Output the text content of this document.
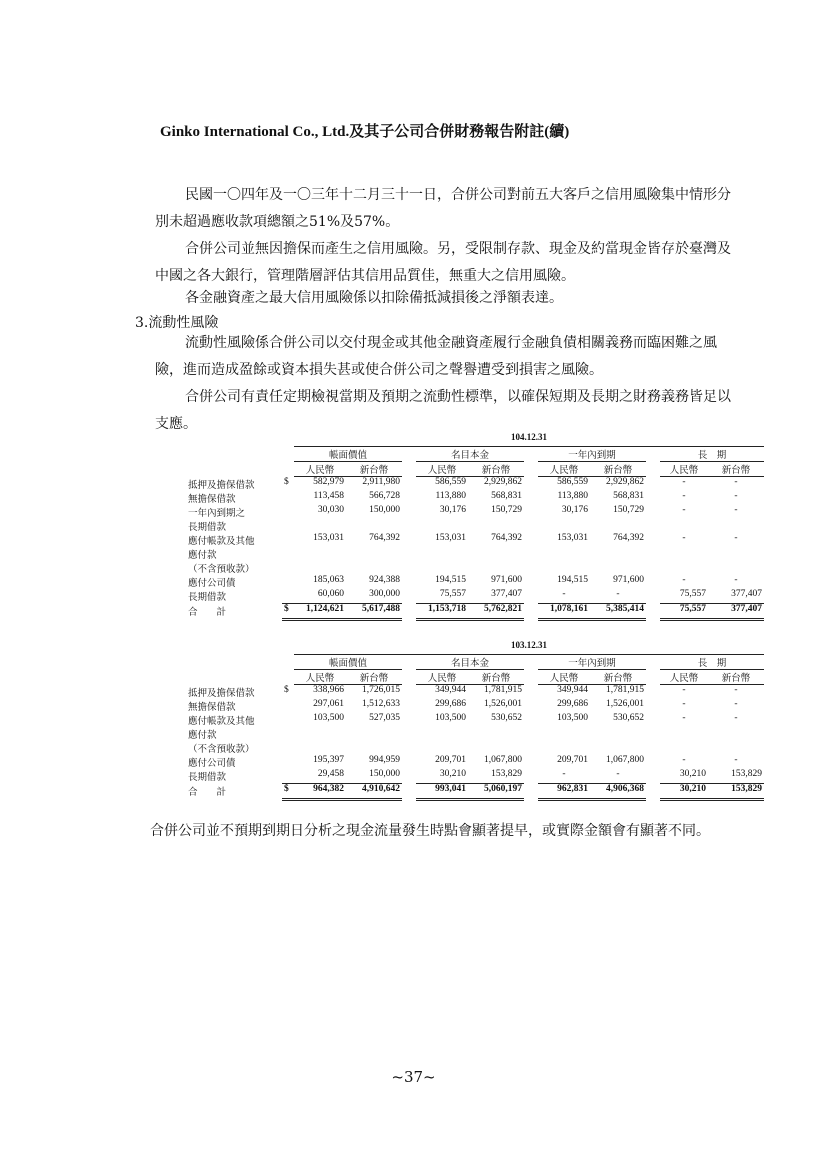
Ginko International Co., Ltd.及其子公司合併財務報告附註(續)
民國一〇四年及一〇三年十二月三十一日，合併公司對前五大客戶之信用風險集中情形分別未超過應收款項總額之51%及57%。
合併公司並無因擔保而產生之信用風險。另，受限制存款、現金及約當現金皆存於臺灣及中國之各大銀行，管理階層評估其信用品質佳，無重大之信用風險。
各金融資產之最大信用風險係以扣除備抵減損後之淨額表達。
3.流動性風險
流動性風險係合併公司以交付現金或其他金融資產履行金融負債相關義務而臨困難之風險，進而造成盈餘或資本損失甚或使合併公司之聲譽遭受到損害之風險。
合併公司有責任定期檢視當期及預期之流動性標準，以確保短期及長期之財務義務皆足以支應。
		104.12.31										
		帳面價值			名目本金			一年內到期			長　期	
		人民幣	新台幣		人民幣	新台幣		人民幣	新台幣		人民幣	新台幣
抵押及擔保借款	$	582,979	2,911,980		586,559	2,929,862		586,559	2,929,862		-	-
無擔保借款		113,458	566,728		113,880	568,831		113,880	568,831		-	-
一年內到期之		30,030	150,000		30,176	150,729		30,176	150,729		-	-
長期借款												
應付帳款及其他		153,031	764,392		153,031	764,392		153,031	764,392		-	-
應付款												
（不含預收款）												
應付公司債		185,063	924,388		194,515	971,600		194,515	971,600		-	-
長期借款		60,060	300,000		75,557	377,407		-	-		75,557	377,407
合　　計	$	1,124,621	5,617,488		1,153,718	5,762,821		1,078,161	5,385,414		75,557	377,407
		103.12.31										
		帳面價值			名目本金			一年內到期			長　期	
		人民幣	新台幣		人民幣	新台幣		人民幣	新台幣		人民幣	新台幣
抵押及擔保借款	$	338,966	1,726,015		349,944	1,781,915		349,944	1,781,915		-	-
無擔保借款		297,061	1,512,633		299,686	1,526,001		299,686	1,526,001		-	-
應付帳款及其他		103,500	527,035		103,500	530,652		103,500	530,652		-	-
應付款												
（不含預收款）												
應付公司債		195,397	994,959		209,701	1,067,800		209,701	1,067,800		-	-
長期借款		29,458	150,000		30,210	153,829		-	-		30,210	153,829
合　　計	$	964,382	4,910,642		993,041	5,060,197		962,831	4,906,368		30,210	153,829
合併公司並不預期到期日分析之現金流量發生時點會顯著提早，或實際金額會有顯著不同。
~37~
